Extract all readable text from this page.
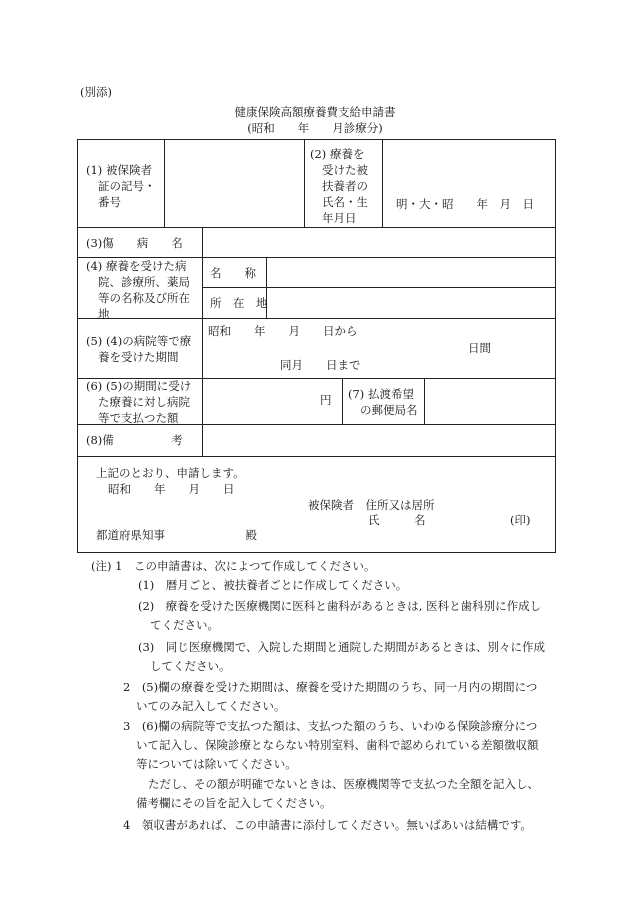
(別添)
健康保険高額療養費支給申請書
(昭和　　年　　月診療分)
(1) 被保険者
証の記号・
番号
(2) 療養を
受けた被
扶養者の
氏名・生
年月日
明・大・昭　　年　月　日
(3)傷　　病　　名
(4) 療養を受けた病
院、診療所、薬局
等の名称及び所在
地
名　　称
所　在　地
(5) (4)の病院等で療
養を受けた期間
昭和　　年　　月　　日から
日間
同月　　日まで
(6) (5)の期間に受け
た療養に対し病院
等で支払つた額
円 (7) 払渡希望
の郵便局名
(8)備　　　　　考
上記のとおり、申請します。
昭和　　年　　月　　日
被保険者　住所又は居所
氏　　　名	(印)
都道府県知事　　　　　　　殿
(注) 1　この申請書は、次によつて作成してください。
(1)　暦月ごと、被扶養者ごとに作成してください。
(2)　療養を受けた医療機関に医科と歯科があるときは, 医科と歯科別に作成し
てください。
(3)　同じ医療機関で、入院した期間と通院した期間があるときは、別々に作成
してください。
2　(5)欄の療養を受けた期間は、療養を受けた期間のうち、同一月内の期間につ
いてのみ記入してください。
3　(6)欄の病院等で支払つた額は、支払つた額のうち、いわゆる保険診療分につ
いて記入し、保険診療とならない特別室料、歯科で認められている差額徴収額
等については除いてください。
ただし、その額が明確でないときは、医療機関等で支払つた全額を記入し、
備考欄にその旨を記入してください。
4　領収書があれば、この申請書に添付してください。無いばあいは結構です。
